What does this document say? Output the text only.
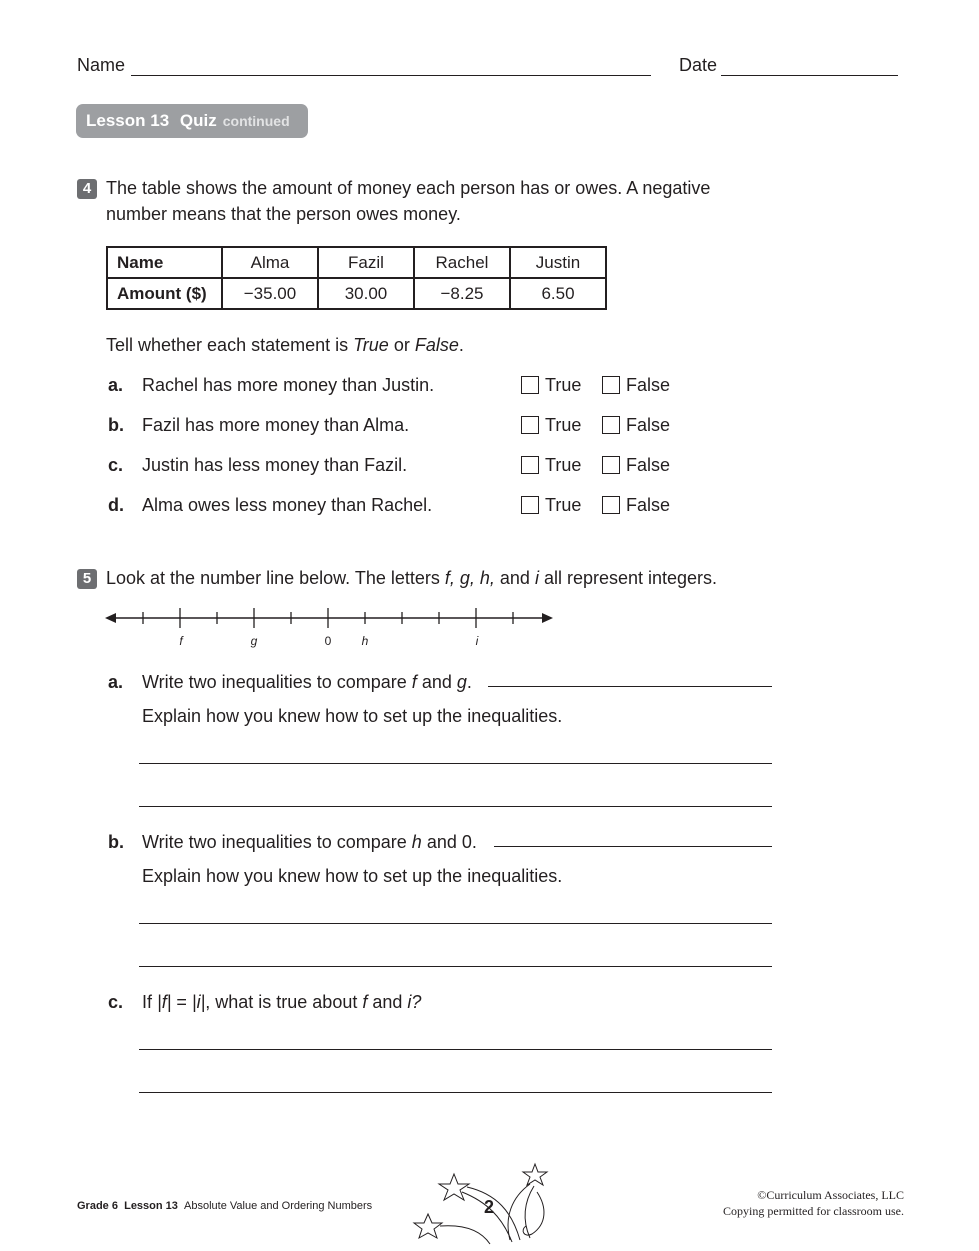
Name	Date
Lesson 13 Quiz continued
4 The table shows the amount of money each person has or owes. A negative
number means that the person owes money.
Name	Alma	Fazil	Rachel	Justin
Amount ($)	−35.00	30.00	−8.25	6.50
Tell whether each statement is True or False.
a. Rachel has more money than Justin.	True False
b. Fazil has more money than Alma.	True False
c. Justin has less money than Fazil.	True False
d. Alma owes less money than Rachel.	True False
5 Look at the number line below. The letters f, g, h, and i all represent integers.
f	g	0	h	i
a. Write two inequalities to compare f and g.
Explain how you knew how to set up the inequalities.
b. Write two inequalities to compare h and 0.
Explain how you knew how to set up the inequalities.
c. If |f| = |i|, what is true about f and i?
Grade 6 Lesson 13 Absolute Value and Ordering Numbers	2
©Curriculum Associates, LLC
Copying permitted for classroom use.
